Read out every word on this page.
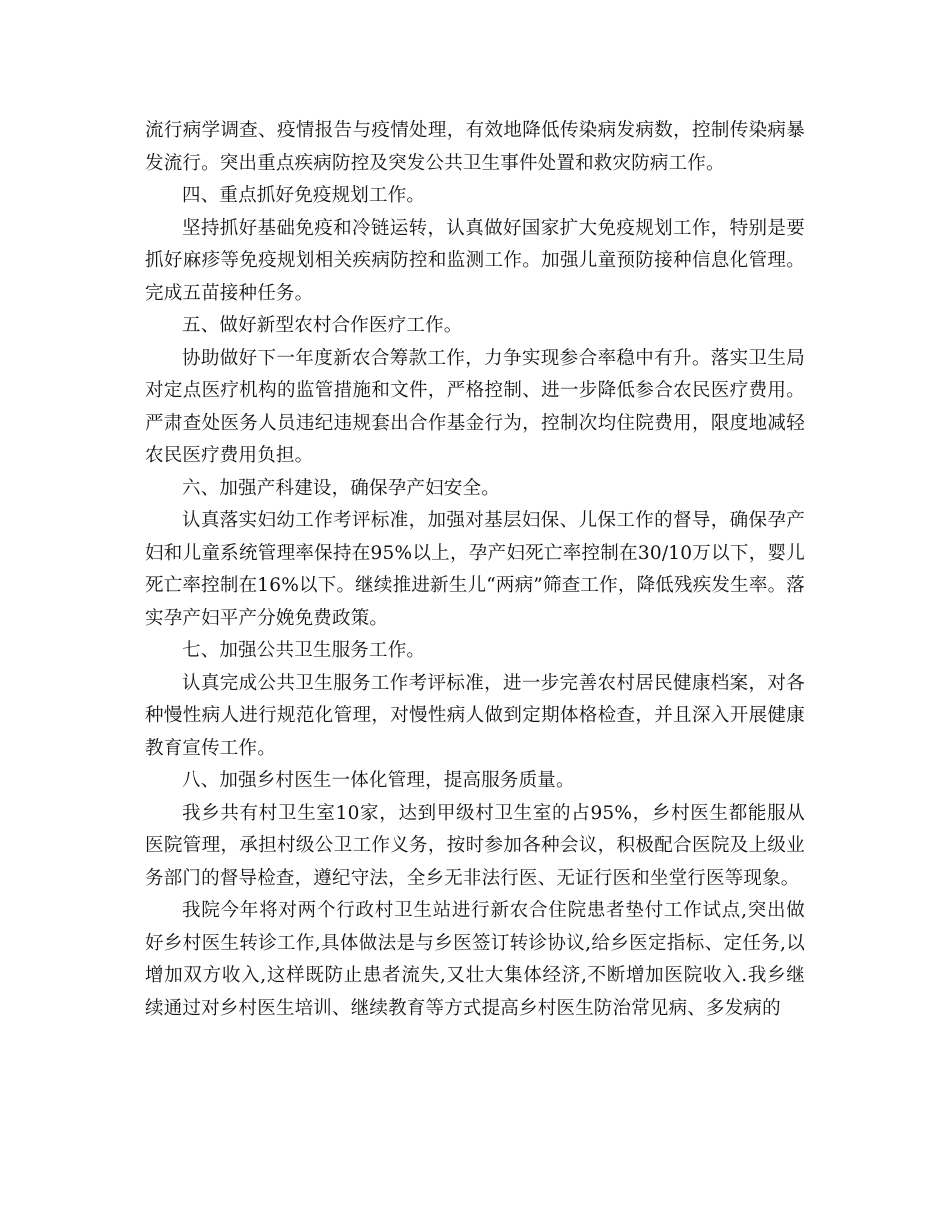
流行病学调查、疫情报告与疫情处理，有效地降低传染病发病数，控制传染病暴发流行。突出重点疾病防控及突发公共卫生事件处置和救灾防病工作。

四、重点抓好免疫规划工作。

坚持抓好基础免疫和冷链运转，认真做好国家扩大免疫规划工作，特别是要抓好麻疹等免疫规划相关疾病防控和监测工作。加强儿童预防接种信息化管理。完成五苗接种任务。

五、做好新型农村合作医疗工作。

协助做好下一年度新农合筹款工作，力争实现参合率稳中有升。落实卫生局对定点医疗机构的监管措施和文件，严格控制、进一步降低参合农民医疗费用。严肃查处医务人员违纪违规套出合作基金行为，控制次均住院费用，限度地减轻农民医疗费用负担。

六、加强产科建设，确保孕产妇安全。

认真落实妇幼工作考评标准，加强对基层妇保、儿保工作的督导，确保孕产妇和儿童系统管理率保持在95%以上，孕产妇死亡率控制在30/10万以下，婴儿死亡率控制在16%以下。继续推进新生儿“两病”筛查工作，降低残疾发生率。落实孕产妇平产分娩免费政策。

七、加强公共卫生服务工作。

认真完成公共卫生服务工作考评标准，进一步完善农村居民健康档案，对各种慢性病人进行规范化管理，对慢性病人做到定期体格检查，并且深入开展健康教育宣传工作。

八、加强乡村医生一体化管理，提高服务质量。

我乡共有村卫生室10家，达到甲级村卫生室的占95%，乡村医生都能服从医院管理，承担村级公卫工作义务，按时参加各种会议，积极配合医院及上级业务部门的督导检查，遵纪守法，全乡无非法行医、无证行医和坐堂行医等现象。

我院今年将对两个行政村卫生站进行新农合住院患者垫付工作试点,突出做好乡村医生转诊工作,具体做法是与乡医签订转诊协议,给乡医定指标、定任务,以增加双方收入,这样既防止患者流失,又壮大集体经济,不断增加医院收入.我乡继续通过对乡村医生培训、继续教育等方式提高乡村医生防治常见病、多发病的
